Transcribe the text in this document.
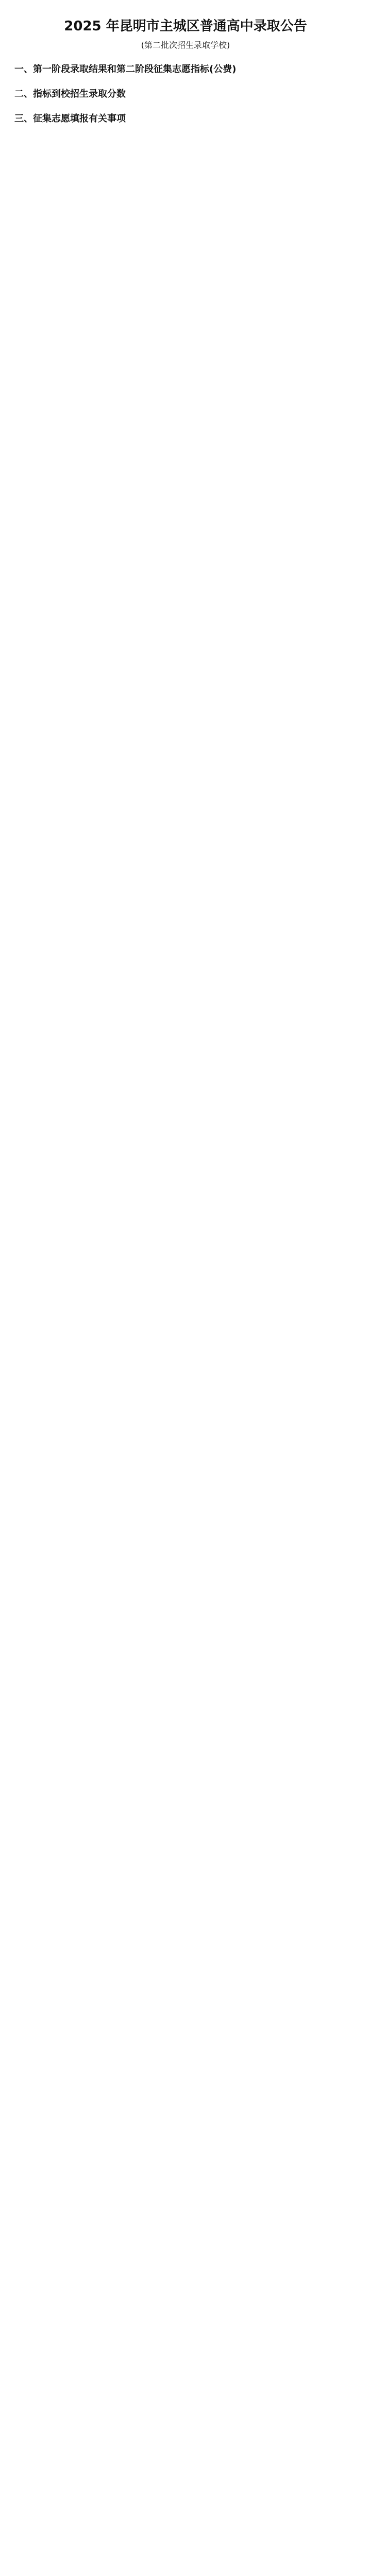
2025 年昆明市主城区普通高中录取公告
(第二批次招生录取学校)
一、第一阶段录取结果和第二阶段征集志愿指标(公费)
二、指标到校招生录取分数
三、征集志愿填报有关事项
